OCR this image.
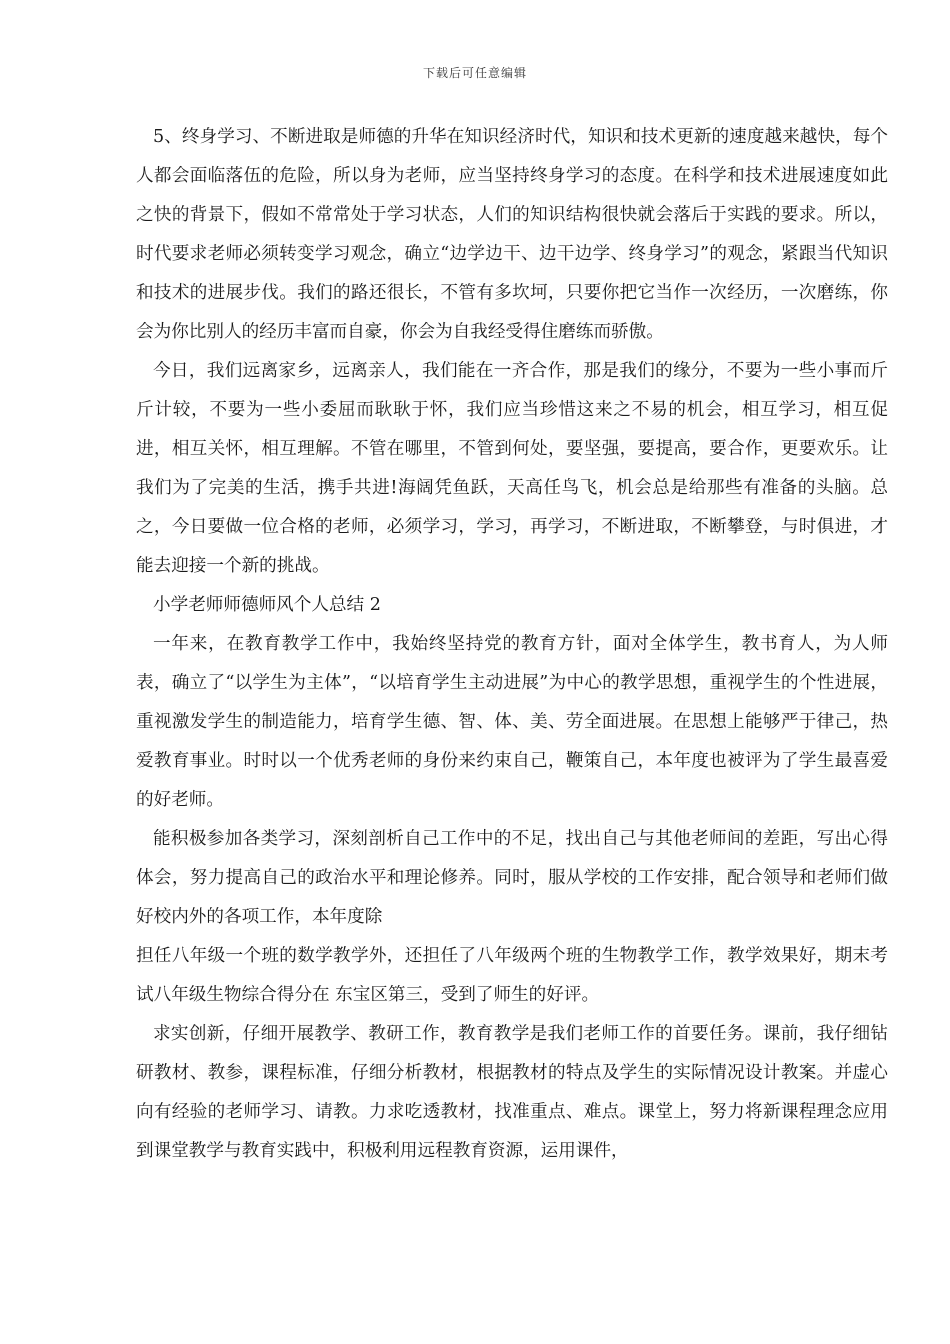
下载后可任意编辑

5、终身学习、不断进取是师德的升华在知识经济时代，知识和技术更新的速度越来越快，每个人都会面临落伍的危险，所以身为老师，应当坚持终身学习的态度。在科学和技术进展速度如此之快的背景下，假如不常常处于学习状态，人们的知识结构很快就会落后于实践的要求。所以，时代要求老师必须转变学习观念，确立“边学边干、边干边学、终身学习”的观念，紧跟当代知识和技术的进展步伐。我们的路还很长，不管有多坎坷，只要你把它当作一次经历，一次磨练，你会为你比别人的经历丰富而自豪，你会为自我经受得住磨练而骄傲。

今日，我们远离家乡，远离亲人，我们能在一齐合作，那是我们的缘分，不要为一些小事而斤斤计较，不要为一些小委屈而耿耿于怀，我们应当珍惜这来之不易的机会，相互学习，相互促进，相互关怀，相互理解。不管在哪里，不管到何处，要坚强，要提高，要合作，更要欢乐。让我们为了完美的生活，携手共进!海阔凭鱼跃，天高任鸟飞，机会总是给那些有准备的头脑。总之，今日要做一位合格的老师，必须学习，学习，再学习，不断进取，不断攀登，与时俱进，才能去迎接一个新的挑战。

小学老师师德师风个人总结 2

一年来，在教育教学工作中，我始终坚持党的教育方针，面对全体学生，教书育人，为人师表，确立了“以学生为主体”，“以培育学生主动进展”为中心的教学思想，重视学生的个性进展，重视激发学生的制造能力，培育学生德、智、体、美、劳全面进展。在思想上能够严于律己，热爱教育事业。时时以一个优秀老师的身份来约束自己，鞭策自己，本年度也被评为了学生最喜爱的好老师。

能积极参加各类学习，深刻剖析自己工作中的不足，找出自己与其他老师间的差距，写出心得体会，努力提高自己的政治水平和理论修养。同时，服从学校的工作安排，配合领导和老师们做好校内外的各项工作，本年度除

担任八年级一个班的数学教学外，还担任了八年级两个班的生物教学工作，教学效果好，期末考试八年级生物综合得分在 东宝区第三，受到了师生的好评。

求实创新，仔细开展教学、教研工作，教育教学是我们老师工作的首要任务。课前，我仔细钻研教材、教参，课程标准，仔细分析教材，根据教材的特点及学生的实际情况设计教案。并虚心向有经验的老师学习、请教。力求吃透教材，找准重点、难点。课堂上，努力将新课程理念应用到课堂教学与教育实践中，积极利用远程教育资源，运用课件，
